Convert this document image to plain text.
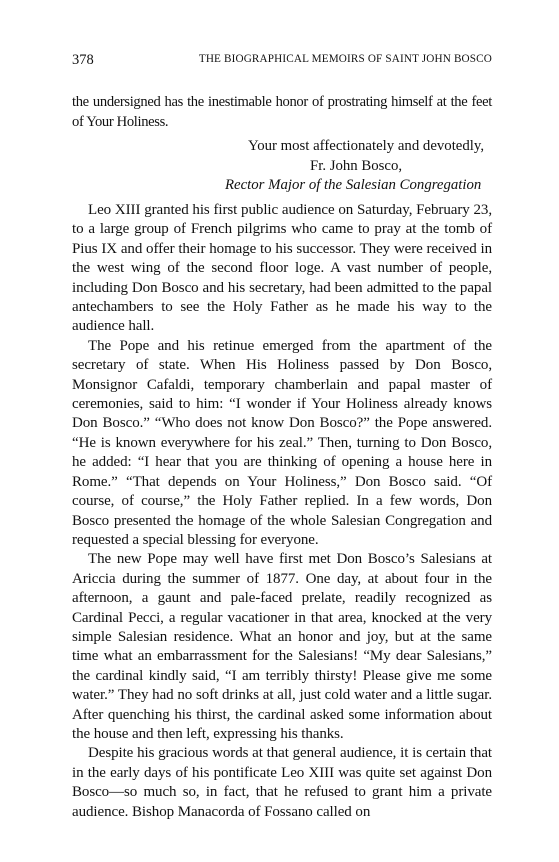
378	THE BIOGRAPHICAL MEMOIRS OF SAINT JOHN BOSCO

the undersigned has the inestimable honor of prostrating himself at the feet of Your Holiness.

Your most affectionately and devotedly,
Fr. John Bosco,
Rector Major of the Salesian Congregation

Leo XIII granted his first public audience on Saturday, February 23, to a large group of French pilgrims who came to pray at the tomb of Pius IX and offer their homage to his successor. They were received in the west wing of the second floor loge. A vast number of people, including Don Bosco and his secretary, had been admitted to the papal antechambers to see the Holy Father as he made his way to the audience hall.

The Pope and his retinue emerged from the apartment of the secretary of state. When His Holiness passed by Don Bosco, Monsignor Cafaldi, temporary chamberlain and papal master of ceremonies, said to him: “I wonder if Your Holiness already knows Don Bosco.” “Who does not know Don Bosco?” the Pope answered. “He is known everywhere for his zeal.” Then, turning to Don Bosco, he added: “I hear that you are thinking of opening a house here in Rome.” “That depends on Your Holiness,” Don Bosco said. “Of course, of course,” the Holy Father replied. In a few words, Don Bosco presented the homage of the whole Salesian Congregation and requested a special blessing for everyone.

The new Pope may well have first met Don Bosco’s Salesians at Ariccia during the summer of 1877. One day, at about four in the afternoon, a gaunt and pale-faced prelate, readily recognized as Cardinal Pecci, a regular vacationer in that area, knocked at the very simple Salesian residence. What an honor and joy, but at the same time what an embarrassment for the Salesians! “My dear Salesians,” the cardinal kindly said, “I am terribly thirsty! Please give me some water.” They had no soft drinks at all, just cold water and a little sugar. After quenching his thirst, the cardinal asked some information about the house and then left, expressing his thanks.

Despite his gracious words at that general audience, it is certain that in the early days of his pontificate Leo XIII was quite set against Don Bosco—so much so, in fact, that he refused to grant him a private audience. Bishop Manacorda of Fossano called on
